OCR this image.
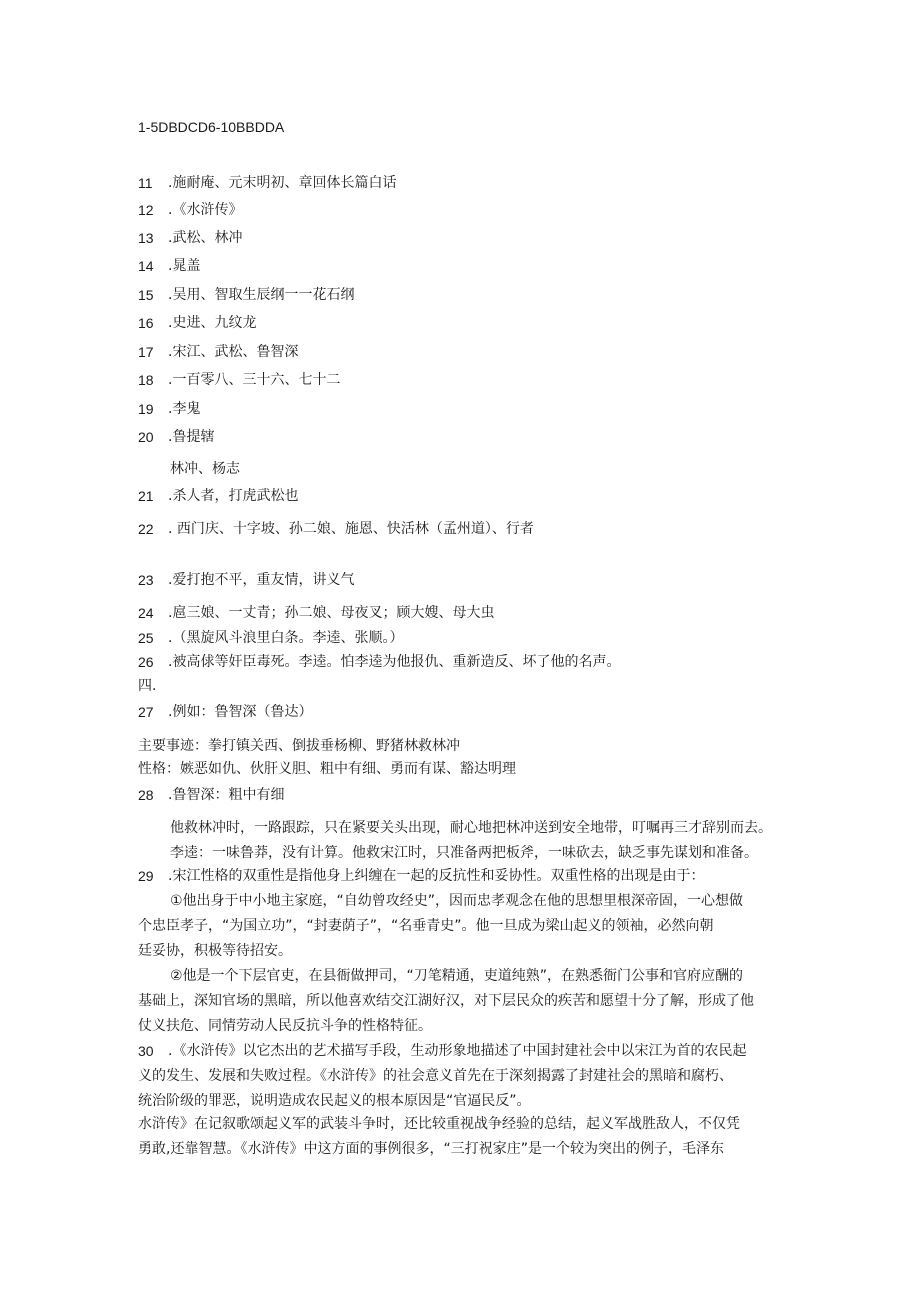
1-5DBDCD6-10BBDDA
11	.施耐庵、元末明初、章回体长篇白话
12	.《水浒传》
13	.武松、林冲
14	.晁盖
15	.吴用、智取生辰纲一一花石纲
16	.史进、九纹龙
17	.宋江、武松、鲁智深
18	.一百零八、三十六、七十二
19	.李鬼
20	.鲁提辖
林冲、杨志
21	.杀人者，打虎武松也
22	. 西门庆、十字坡、孙二娘、施恩、快活林（孟州道）、行者
23	.爱打抱不平，重友情，讲义气
24	.扈三娘、一丈青；孙二娘、母夜叉；顾大嫂、母大虫
25	.（黑旋风斗浪里白条。李逵、张顺。）
26	.被高俅等奸臣毒死。李逵。怕李逵为他报仇、重新造反、坏了他的名声。
四.
27	.例如：鲁智深（鲁达）
主要事迹：拳打镇关西、倒拔垂杨柳、野猪林救林冲
性格：嫉恶如仇、伙肝义胆、粗中有细、勇而有谋、豁达明理
28	.鲁智深：粗中有细
他救林冲时，一路跟踪，只在紧要关头出现，耐心地把林冲送到安全地带，叮嘱再三才辞别而去。
李逵：一味鲁莽，没有计算。他救宋江时，只准备两把板斧，一味砍去，缺乏事先谋划和准备。
29	.宋江性格的双重性是指他身上纠缠在一起的反抗性和妥协性。双重性格的出现是由于：
①他出身于中小地主家庭，“自幼曾攻经史”，因而忠孝观念在他的思想里根深帝固，一心想做
个忠臣孝子，“为国立功”，“封妻荫子”，“名垂青史”。他一旦成为梁山起义的领袖，必然向朝
廷妥协，积极等待招安。
②他是一个下层官吏，在县衙做押司，“刀笔精通，吏道纯熟”，在熟悉衙门公事和官府应酬的
基础上，深知官场的黑暗，所以他喜欢结交江湖好汉，对下层民众的疾苦和愿望十分了解，形成了他
仗义扶危、同情劳动人民反抗斗争的性格特征。
30	.《水浒传》以它杰出的艺术描写手段，生动形象地描述了中国封建社会中以宋江为首的农民起
义的发生、发展和失败过程。《水浒传》的社会意义首先在于深刻揭露了封建社会的黑暗和腐朽、
统治阶级的罪恶，说明造成农民起义的根本原因是“官逼民反”。
水浒传》在记叙歌颂起义军的武装斗争时，还比较重视战争经验的总结，起义军战胜敌人，不仅凭
勇敢,还靠智慧。《水浒传》中这方面的事例很多，“三打祝家庄”是一个较为突出的例子，毛泽东
